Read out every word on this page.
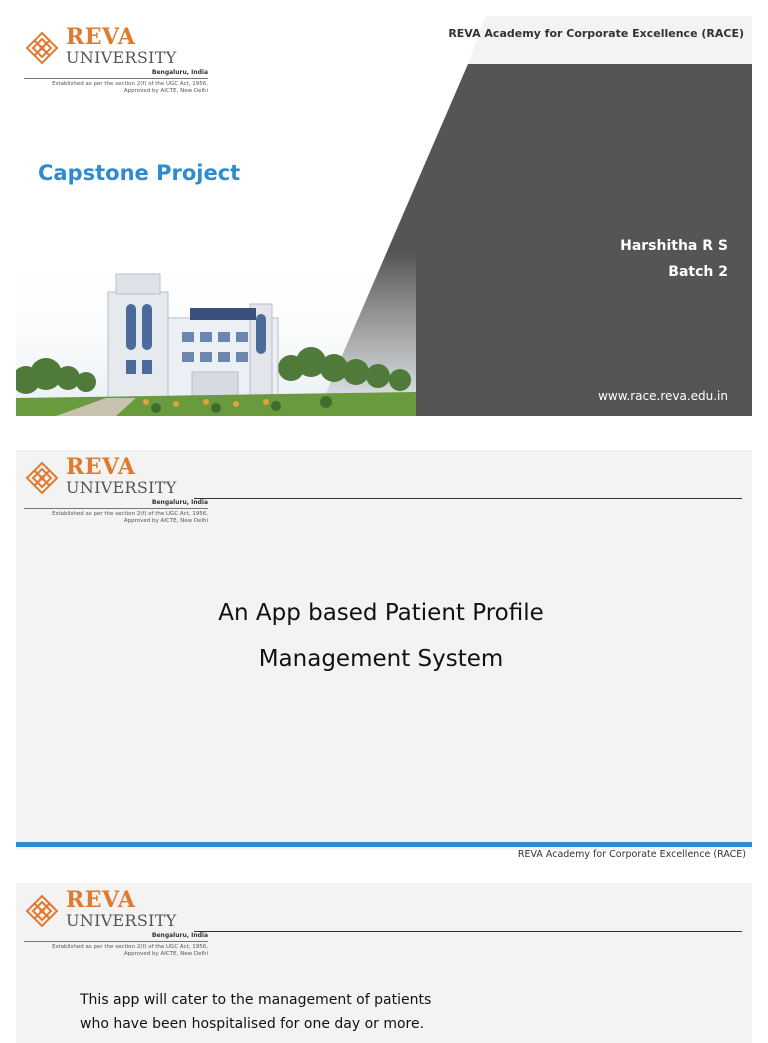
REVA
UNIVERSITY
Bengaluru, India
Established as per the section 2(f) of the UGC Act, 1956,
Approved by AICTE, New Delhi
REVA Academy for Corporate Excellence (RACE)
Capstone Project
Harshitha R S
Batch 2
www.race.reva.edu.in
REVA
UNIVERSITY
Bengaluru, India
Established as per the section 2(f) of the UGC Act, 1956,
Approved by AICTE, New Delhi
An App based Patient Profile
Management System
REVA Academy for Corporate Excellence (RACE)
REVA
UNIVERSITY
Bengaluru, India
Established as per the section 2(f) of the UGC Act, 1956,
Approved by AICTE, New Delhi
This app will cater to the management of patients
who have been hospitalised for one day or more.
